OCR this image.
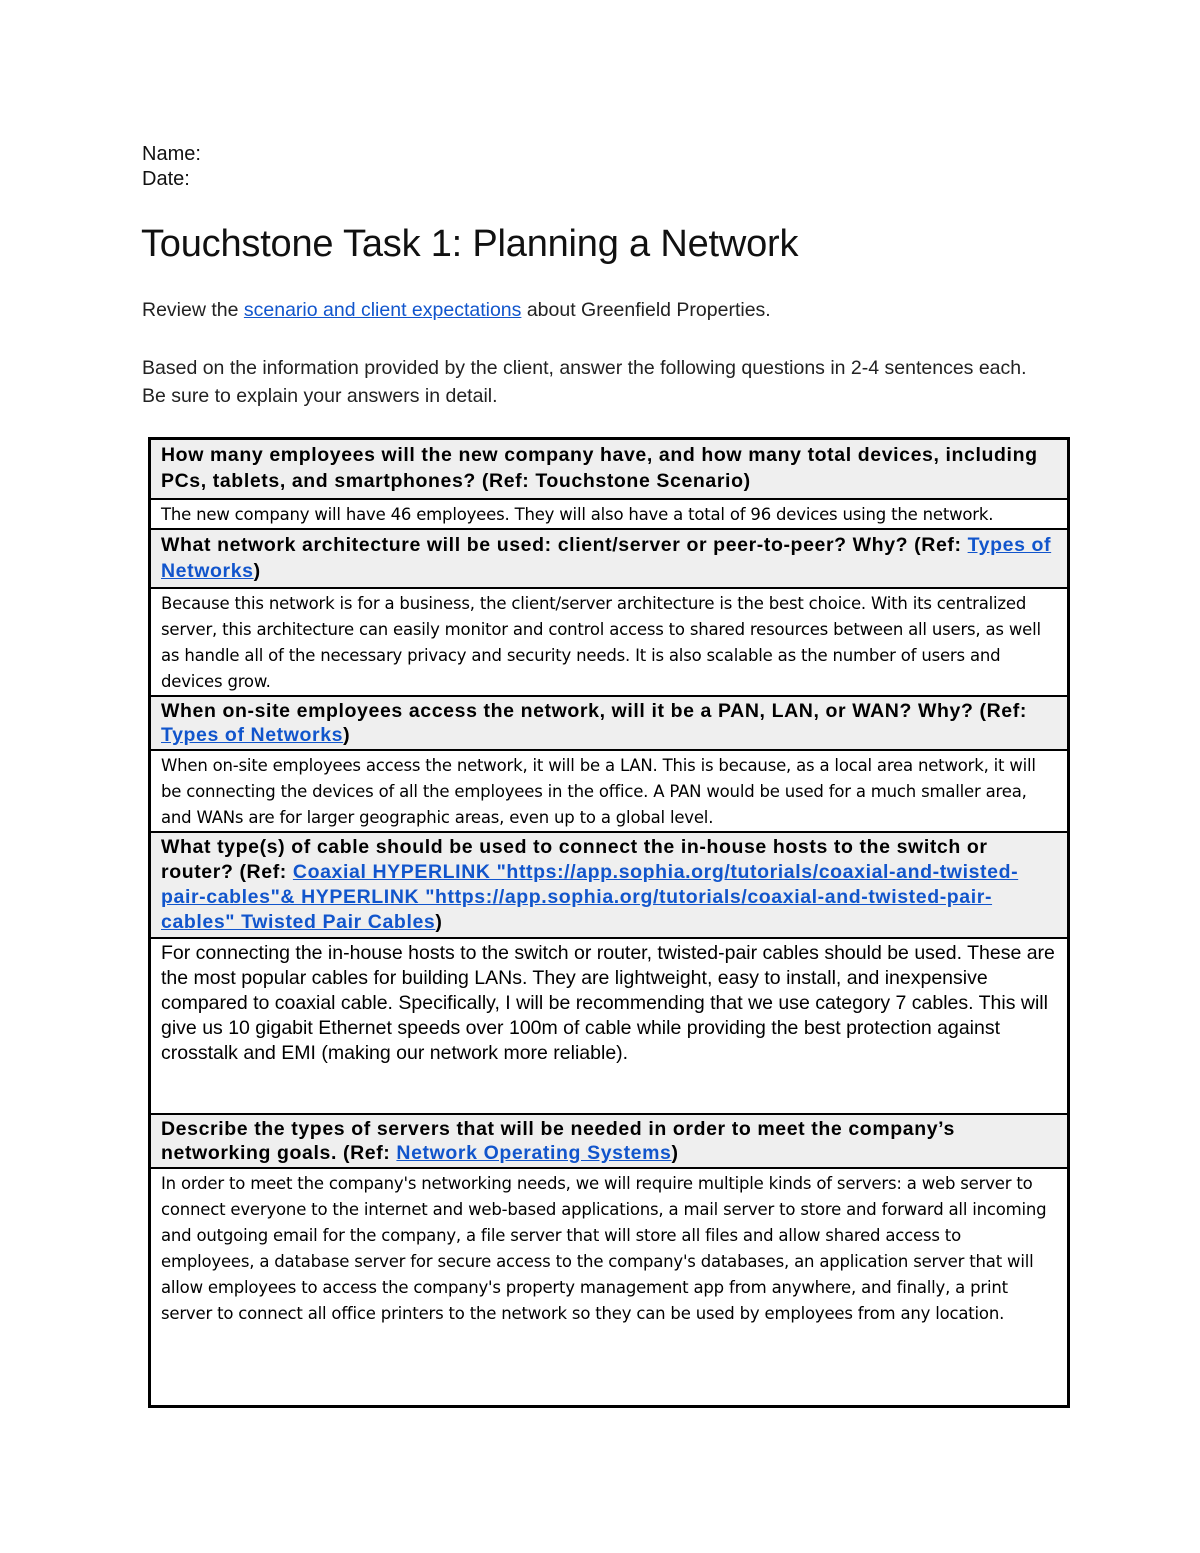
Name:
Date:
Touchstone Task 1: Planning a Network

Review the scenario and client expectations about Greenfield Properties.

Based on the information provided by the client, answer the following questions in 2-4 sentences each. Be sure to explain your answers in detail.

How many employees will the new company have, and how many total devices, including PCs, tablets, and smartphones? (Ref: Touchstone Scenario)

The new company will have 46 employees. They will also have a total of 96 devices using the network.

What network architecture will be used: client/server or peer-to-peer? Why? (Ref: Types of Networks)

Because this network is for a business, the client/server architecture is the best choice. With its centralized server, this architecture can easily monitor and control access to shared resources between all users, as well as handle all of the necessary privacy and security needs. It is also scalable as the number of users and devices grow.

When on-site employees access the network, will it be a PAN, LAN, or WAN? Why? (Ref: Types of Networks)

When on-site employees access the network, it will be a LAN. This is because, as a local area network, it will be connecting the devices of all the employees in the office. A PAN would be used for a much smaller area, and WANs are for larger geographic areas, even up to a global level.

What type(s) of cable should be used to connect the in-house hosts to the switch or router? (Ref: Coaxial HYPERLINK "https://app.sophia.org/tutorials/coaxial-and-twisted-pair-cables"& HYPERLINK "https://app.sophia.org/tutorials/coaxial-and-twisted-pair-cables" Twisted Pair Cables)

For connecting the in-house hosts to the switch or router, twisted-pair cables should be used. These are the most popular cables for building LANs. They are lightweight, easy to install, and inexpensive compared to coaxial cable. Specifically, I will be recommending that we use category 7 cables. This will give us 10 gigabit Ethernet speeds over 100m of cable while providing the best protection against crosstalk and EMI (making our network more reliable).

Describe the types of servers that will be needed in order to meet the company’s networking goals. (Ref: Network Operating Systems)

In order to meet the company's networking needs, we will require multiple kinds of servers: a web server to connect everyone to the internet and web-based applications, a mail server to store and forward all incoming and outgoing email for the company, a file server that will store all files and allow shared access to employees, a database server for secure access to the company's databases, an application server that will allow employees to access the company's property management app from anywhere, and finally, a print server to connect all office printers to the network so they can be used by employees from any location.
